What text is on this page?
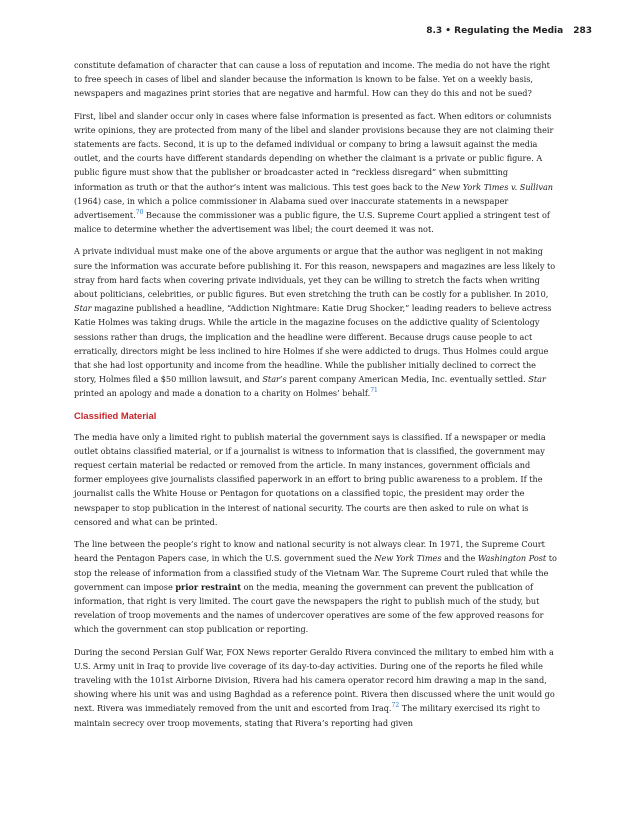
8.3 • Regulating the Media 283

constitute defamation of character that can cause a loss of reputation and income. The media do not have the right to free speech in cases of libel and slander because the information is known to be false. Yet on a weekly basis, newspapers and magazines print stories that are negative and harmful. How can they do this and not be sued?

First, libel and slander occur only in cases where false information is presented as fact. When editors or columnists write opinions, they are protected from many of the libel and slander provisions because they are not claiming their statements are facts. Second, it is up to the defamed individual or company to bring a lawsuit against the media outlet, and the courts have different standards depending on whether the claimant is a private or public figure. A public figure must show that the publisher or broadcaster acted in “reckless disregard” when submitting information as truth or that the author’s intent was malicious. This test goes back to the New York Times v. Sullivan (1964) case, in which a police commissioner in Alabama sued over inaccurate statements in a newspaper advertisement.$^{70}$ Because the commissioner was a public figure, the U.S. Supreme Court applied a stringent test of malice to determine whether the advertisement was libel; the court deemed it was not.

A private individual must make one of the above arguments or argue that the author was negligent in not making sure the information was accurate before publishing it. For this reason, newspapers and magazines are less likely to stray from hard facts when covering private individuals, yet they can be willing to stretch the facts when writing about politicians, celebrities, or public figures. But even stretching the truth can be costly for a publisher. In 2010, Star magazine published a headline, “Addiction Nightmare: Katie Drug Shocker,” leading readers to believe actress Katie Holmes was taking drugs. While the article in the magazine focuses on the addictive quality of Scientology sessions rather than drugs, the implication and the headline were different. Because drugs cause people to act erratically, directors might be less inclined to hire Holmes if she were addicted to drugs. Thus Holmes could argue that she had lost opportunity and income from the headline. While the publisher initially declined to correct the story, Holmes filed a $50 million lawsuit, and Star’s parent company American Media, Inc. eventually settled. Star printed an apology and made a donation to a charity on Holmes’ behalf.$^{71}$

Classified Material

The media have only a limited right to publish material the government says is classified. If a newspaper or media outlet obtains classified material, or if a journalist is witness to information that is classified, the government may request certain material be redacted or removed from the article. In many instances, government officials and former employees give journalists classified paperwork in an effort to bring public awareness to a problem. If the journalist calls the White House or Pentagon for quotations on a classified topic, the president may order the newspaper to stop publication in the interest of national security. The courts are then asked to rule on what is censored and what can be printed.

The line between the people’s right to know and national security is not always clear. In 1971, the Supreme Court heard the Pentagon Papers case, in which the U.S. government sued the New York Times and the Washington Post to stop the release of information from a classified study of the Vietnam War. The Supreme Court ruled that while the government can impose prior restraint on the media, meaning the government can prevent the publication of information, that right is very limited. The court gave the newspapers the right to publish much of the study, but revelation of troop movements and the names of undercover operatives are some of the few approved reasons for which the government can stop publication or reporting.

During the second Persian Gulf War, FOX News reporter Geraldo Rivera convinced the military to embed him with a U.S. Army unit in Iraq to provide live coverage of its day-to-day activities. During one of the reports he filed while traveling with the 101st Airborne Division, Rivera had his camera operator record him drawing a map in the sand, showing where his unit was and using Baghdad as a reference point. Rivera then discussed where the unit would go next. Rivera was immediately removed from the unit and escorted from Iraq.$^{72}$ The military exercised its right to maintain secrecy over troop movements, stating that Rivera’s reporting had given
